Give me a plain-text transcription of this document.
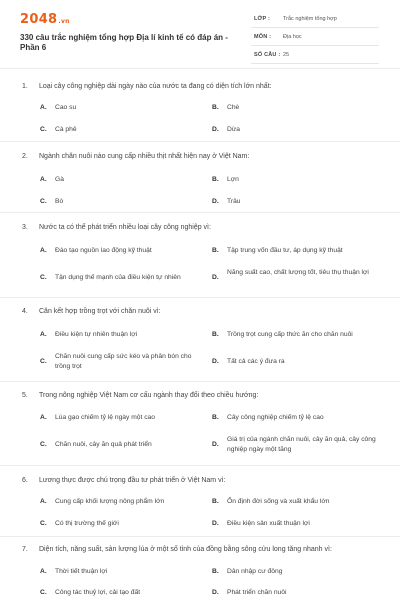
2048.vn
330 câu trắc nghiệm tổng hợp Địa lí kinh tế có đáp án - Phần 6
LỚP : Trắc nghiệm tổng hợp
MÔN : Địa học
SỐ CÂU : 25
1. Loại cây công nghiệp dài ngày nào của nước ta đang có diện tích lớn nhất:
A. Cao su	B. Chè
C. Cà phê	D. Dừa
2. Ngành chăn nuôi nào cung cấp nhiều thịt nhất hiện nay ở Việt Nam:
A. Gà	B. Lợn
C. Bò	D. Trâu
3. Nước ta có thể phát triển nhiều loại cây công nghiệp vì:
A. Đào tạo nguồn lao động kỹ thuật	B. Tập trung vốn đầu tư, áp dụng kỹ thuật
C. Tận dụng thế mạnh của điều kiện tự nhiên	D.
Năng suất cao, chất lượng tốt, tiêu thụ thuận lợi
4. Căn kết hợp trồng trọt với chăn nuôi vì:
A. Điều kiện tự nhiên thuận lợi	B. Trồng trọt cung cấp thức ăn cho chăn nuôi
C.
Chăn nuôi cung cấp sức kéo và phân bón cho trồng trọt
D. Tất cả các ý đưa ra
5. Trong nông nghiệp Việt Nam cơ cấu ngành thay đổi theo chiều hướng:
A. Lúa gạo chiếm tỷ lệ ngày một cao	B. Cây công nghiệp chiếm tỷ lệ cao
C. Chăn nuôi, cây ăn quả phát triển	D.
Giá trị của ngành chăn nuôi, cây ăn quả, cây công nghiệp ngày một tăng
6. Lương thực được chú trọng đầu tư phát triển ở Việt Nam vì:
A. Cung cấp khối lượng nông phẩm lớn	B. Ổn định đời sống và xuất khẩu lớn
C. Có thị trường thế giới	D. Điều kiện sản xuất thuận lợi
7. Diện tích, năng suất, sản lượng lúa ở một số tỉnh của đồng bằng sông cửu long tăng nhanh vì:
A. Thời tiết thuận lợi	B. Dân nhập cư đông
C. Công tác thuỷ lợi, cải tạo đất	D. Phát triển chăn nuôi
